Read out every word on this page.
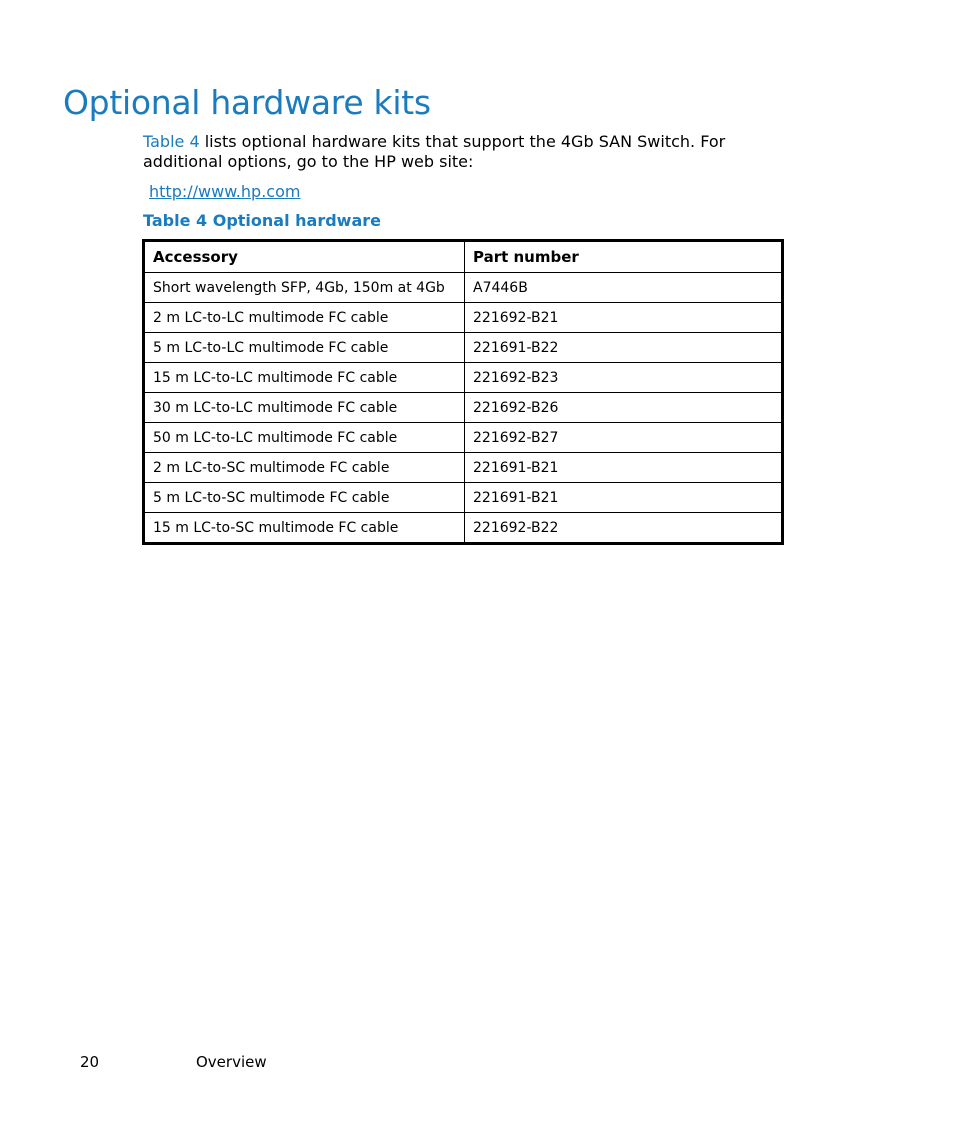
Optional hardware kits

Table 4 lists optional hardware kits that support the 4Gb SAN Switch. For additional options, go to the HP web site:

http://www.hp.com
Table 4 Optional hardware
Accessory	Part number
Short wavelength SFP, 4Gb, 150m at 4Gb	A7446B
2 m LC-to-LC multimode FC cable	221692-B21
5 m LC-to-LC multimode FC cable	221691-B22
15 m LC-to-LC multimode FC cable	221692-B23
30 m LC-to-LC multimode FC cable	221692-B26
50 m LC-to-LC multimode FC cable	221692-B27
2 m LC-to-SC multimode FC cable	221691-B21
5 m LC-to-SC multimode FC cable	221691-B21
15 m LC-to-SC multimode FC cable	221692-B22
20	Overview
